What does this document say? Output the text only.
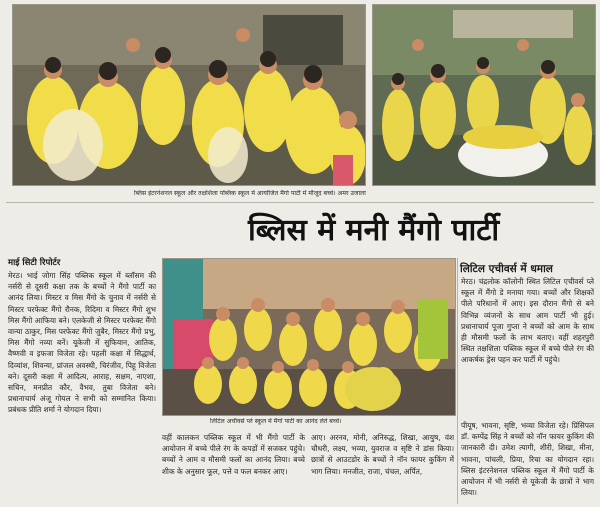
ब्लिस इंटरनेशनल स्कूल और तक्षशिला पब्लिक स्कूल में आयोजित मैंगो पार्टी में मौजूद बच्चे। अमर उजाला
ब्लिस में मनी मैंगो पार्टी
माई सिटी रिपोर्टर
मेरठ। भाई जोगा सिंह पब्लिक स्कूल में ब्लॉसम की नर्सरी से दूसरी कक्षा तक के बच्चों ने मैंगो पार्टी का आनंद लिया। मिस्टर व मिस मैंगो के चुनाव में नर्सरी से मिस्टर परफेक्ट मैंगो रौनक, रिदिमा व मिस्टर मैंगो शुभ मिस मैंगो आफिया बने। एलकेजी से मिस्टर परफेक्ट मैंगो वान्या ठाकुर, मिस परफेक्ट मैंगो जुबैर, मिस्टर मैंगो प्रभु, मिस मैंगो नव्या बनें। यूकेजी में सुफियान, आतिक, वैष्णवी व इफजा विजेता रहे। पहली कक्षा में सिद्धार्थ, दिव्यांश, शिवन्या, प्रांजल अवस्थी, चिरंजीव, पिहू विजेता बने। दूसरी कक्षा में आदित्य, आराह, सक्षम, नाएशा, सचिन, मनप्रीत कौर, वैभव, तुबा विजेता बने। प्रधानाचार्य अंजू गोयल ने सभी को सम्मानित किया। प्रबंधक प्रीति शर्मा ने योगदान दिया।
लिटिल अचीवर्स प्ले स्कूल में मैंगो पार्टी का आनंद लेते बच्चे।
वहीं कालकन पब्लिक स्कूल में भी मैंगो पार्टी के आयोजन में बच्चे पीले रंग के कपड़ों में सजकर पहुंचे। बच्चों ने आम व मौसमी फलों का आनंद लिया। बच्चे शीक के अनुसार फूल, पत्ते व फल बनकर आए।
आए। अरनव, मोनी, अनिरुद्ध, शिखा, आयुष, वंश चौधरी, लक्ष्य, भव्या, युवराज व सृष्टि ने डांस किया। छात्रों से आउटडोर के बच्चों ने नॉन फायर कुकिंग में भाग लिया। मनजीत, राजा, चंचल, अर्पित,
लिटिल एचीवर्स में धमाल
मेरठ। चंद्रलोक कॉलोनी स्थित लिटिल एचीवर्स प्ले स्कूल में मैंगो डे मनाया गया। बच्चों और शिक्षकों पीले परिधानों में आए। इस दौरान मैंगो से बने विभिन्न व्यंजनों के साथ आम पार्टी भी हुई। प्रधानाचार्य पूजा गुप्ता ने बच्चों को आम के साथ ही मौसमी फलों के लाभ बताए। वहीं शहरपुरी स्थित तक्षशिला पब्लिक स्कूल में बच्चे पीले रंग की आकर्षक ड्रेस पहन कर पार्टी में पहुंचे।
पीयूष, भावना, सृष्टि, भव्या विजेता रहे। प्रिंसिपल डॉ. कम्पेंद्र सिंह ने बच्चों को नॉन फायर कुकिंग की जानकारी दी। उमेश त्यागी, शीरी, शिखा, मीना, भावना, पांचली, प्रिया, रिचा का योगदान रहा। ब्लिस इंटरनेशनल पब्लिक स्कूल में मैंगो पार्टी के आयोजन में भी नर्सरी से यूकेजी के छात्रों ने भाग लिया।
